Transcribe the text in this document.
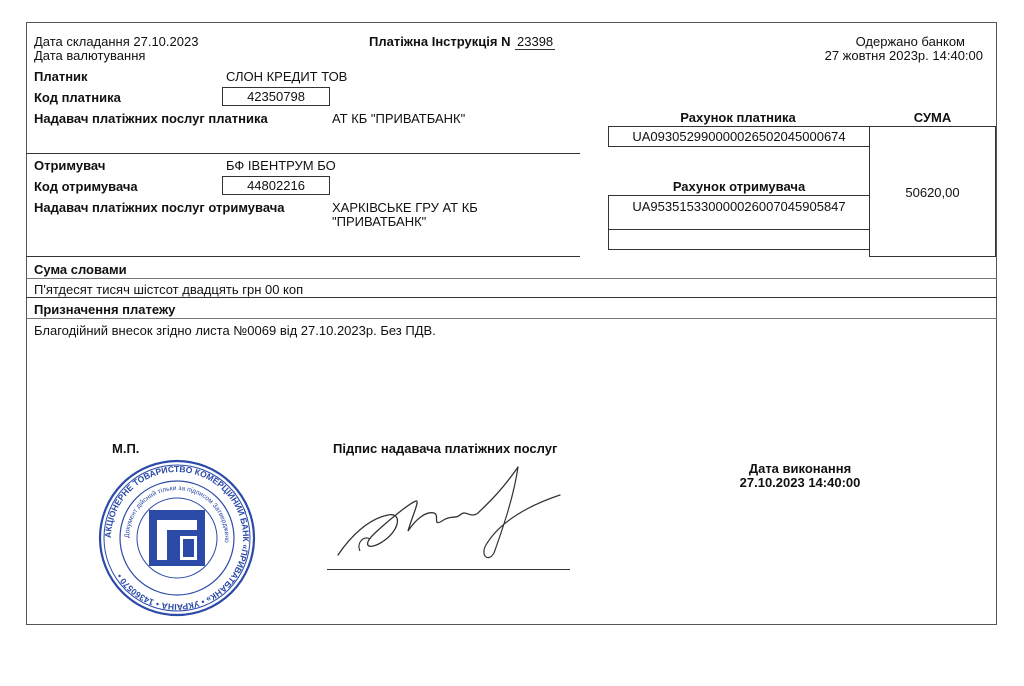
Дата складання 27.10.2023
Дата валютування
Платіжна Інструкція N 23398	Одержано банком
27 жовтня 2023р. 14:40:00
Платник	СЛОН КРЕДИТ ТОВ
Код платника	42350798
Надавач платіжних послуг платника	АТ КБ "ПРИВАТБАНК"
Отримувач	БФ ІВЕНТРУМ БО
Код отримувача	44802216
Надавач платіжних послуг отримувача	ХАРКІВСЬКЕ ГРУ АТ КБ
"ПРИВАТБАНК"
Рахунок платника
UA093052990000026502045000674
Рахунок отримувача
UA953515330000026007045905847
СУМА
50620,00
Сума словами
П'ятдесят тисяч шістсот двадцять грн 00 коп
Призначення платежу
Благодійний внесок згідно листа №0069 від 27.10.2023р. Без ПДВ.
М.П.	Підпис надавача платіжних послуг
Дата виконання
27.10.2023 14:40:00
АКЦІОНЕРНЕ ТОВАРИСТВО КОМЕРЦІЙНИЙ БАНК «ПРИВАТБАНК» • УКРАЇНА • 14360570 •
Документ дійсний тільки за підписом Затверджено
